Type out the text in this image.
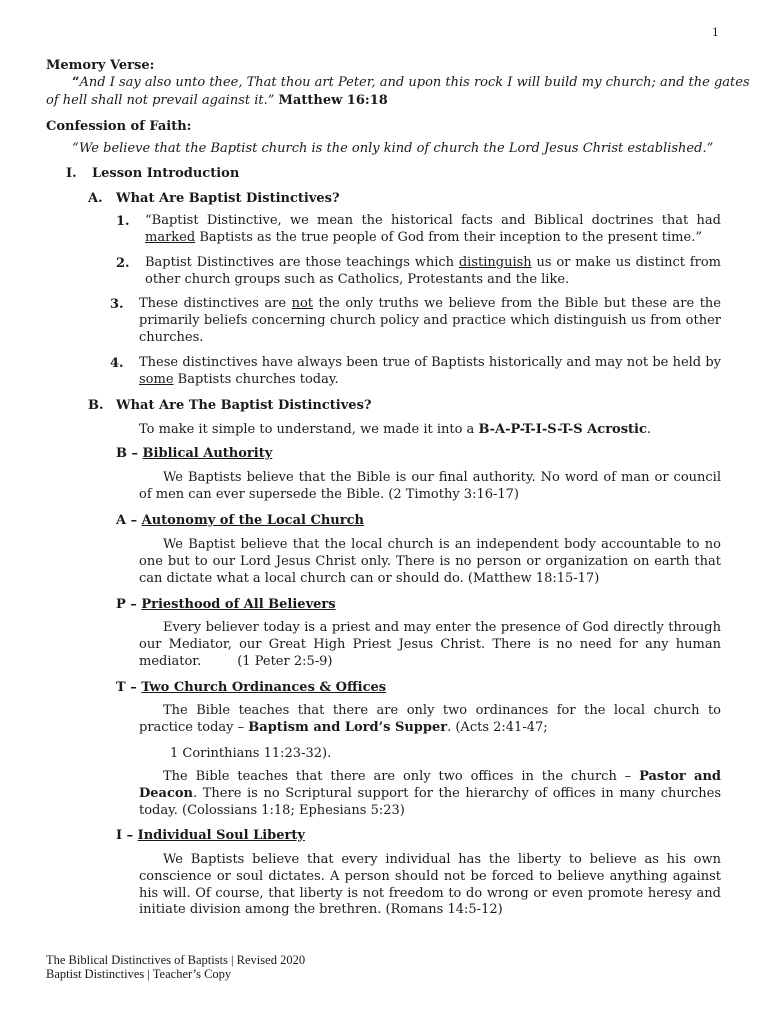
1
Memory Verse:
“And I say also unto thee, That thou art Peter, and upon this rock I will build my church; and the gates
of hell shall not prevail against it.” Matthew 16:18
Confession of Faith:
“We believe that the Baptist church is the only kind of church the Lord Jesus Christ established.”
I. Lesson Introduction
A. What Are Baptist Distinctives?
1. “Baptist Distinctive, we mean the historical facts and Biblical doctrines that had marked Baptists as the true people of God from their inception to the present time.”
2. Baptist Distinctives are those teachings which distinguish us or make us distinct from other church groups such as Catholics, Protestants and the like.
3. These distinctives are not the only truths we believe from the Bible but these are the primarily beliefs concerning church policy and practice which distinguish us from other churches.
4. These distinctives have always been true of Baptists historically and may not be held by some Baptists churches today.
B. What Are The Baptist Distinctives?
To make it simple to understand, we made it into a B-A-P-T-I-S-T-S Acrostic.
B – Biblical Authority
We Baptists believe that the Bible is our final authority. No word of man or council of men can ever supersede the Bible. (2 Timothy 3:16-17)
A – Autonomy of the Local Church
We Baptist believe that the local church is an independent body accountable to no one but to our Lord Jesus Christ only. There is no person or organization on earth that can dictate what a local church can or should do. (Matthew 18:15-17)
P – Priesthood of All Believers
Every believer today is a priest and may enter the presence of God directly through our Mediator, our Great High Priest Jesus Christ. There is no need for any human mediator.	(1 Peter 2:5-9)
T – Two Church Ordinances & Offices
The Bible teaches that there are only two ordinances for the local church to practice today – Baptism and Lord’s Supper. (Acts 2:41-47;
1 Corinthians 11:23-32).
The Bible teaches that there are only two offices in the church – Pastor and Deacon. There is no Scriptural support for the hierarchy of offices in many churches today. (Colossians 1:18; Ephesians 5:23)
I – Individual Soul Liberty
We Baptists believe that every individual has the liberty to believe as his own conscience or soul dictates. A person should not be forced to believe anything against his will. Of course, that liberty is not freedom to do wrong or even promote heresy and initiate division among the brethren. (Romans 14:5-12)
The Biblical Distinctives of Baptists | Revised 2020
Baptist Distinctives | Teacher’s Copy
